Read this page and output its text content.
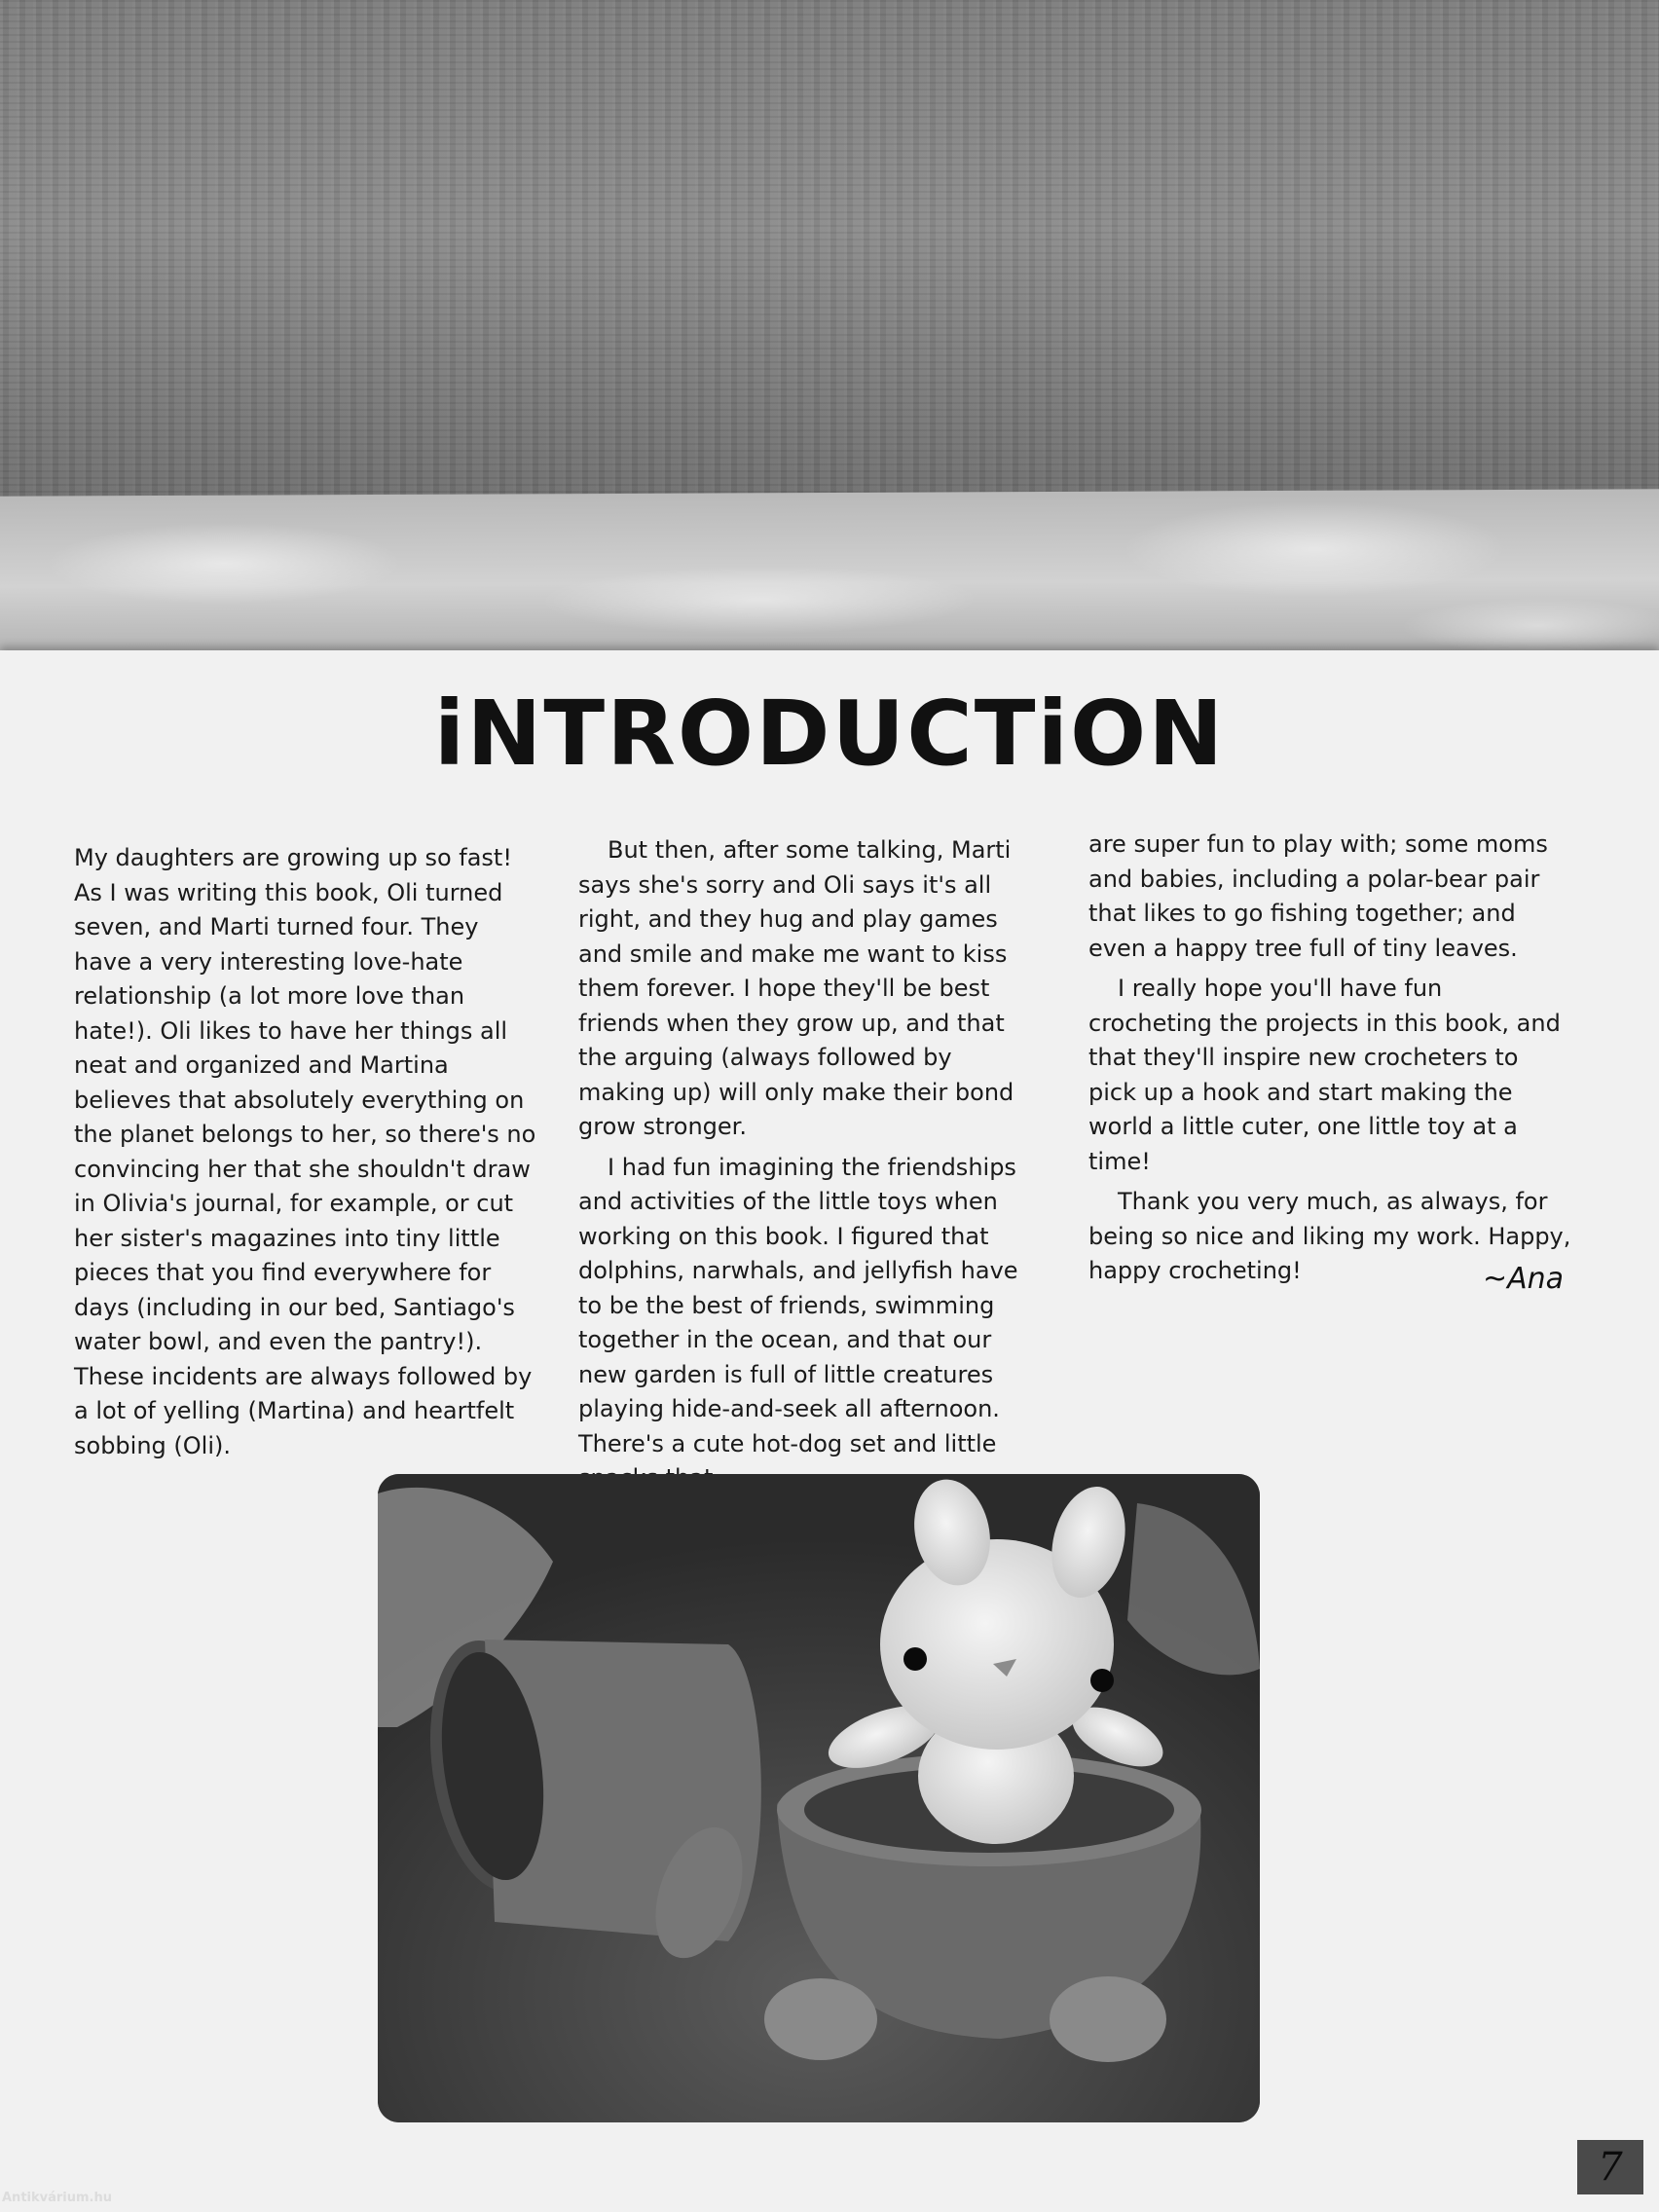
iNTRODUCTiON

My daughters are growing up so fast! As I was writing this book, Oli turned seven, and Marti turned four. They have a very interesting love-hate relationship (a lot more love than hate!). Oli likes to have her things all neat and organized and Martina believes that absolutely everything on the planet belongs to her, so there's no convincing her that she shouldn't draw in Olivia's journal, for example, or cut her sister's magazines into tiny little pieces that you find everywhere for days (including in our bed, Santiago's water bowl, and even the pantry!). These incidents are always followed by a lot of yelling (Martina) and heartfelt sobbing (Oli).

But then, after some talking, Marti says she's sorry and Oli says it's all right, and they hug and play games and smile and make me want to kiss them forever. I hope they'll be best friends when they grow up, and that the arguing (always followed by making up) will only make their bond grow stronger.

I had fun imagining the friendships and activities of the little toys when working on this book. I figured that dolphins, narwhals, and jellyfish have to be the best of friends, swimming together in the ocean, and that our new garden is full of little creatures playing hide-and-seek all afternoon. There's a cute hot-dog set and little

are super fun to play with; some moms and babies, including a polar-bear pair that likes to go fishing together; and even a happy tree full of tiny leaves.

I really hope you'll have fun crocheting the projects in this book, and that they'll inspire new crocheters to pick up a hook and start making the world a little cuter, one little toy at a time!

Thank you very much, as always, for being so nice and liking my work. Happy, happy crocheting!	~Ana
7
Antikvárium.hu
